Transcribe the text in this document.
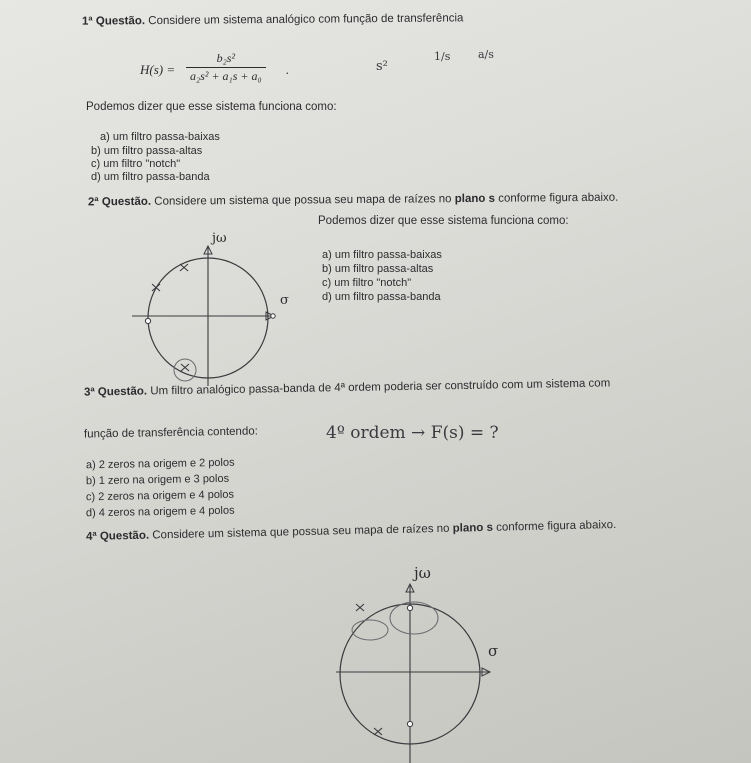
1ª Questão. Considere um sistema analógico com função de transferência
$H(s) = \frac{\text{b₂s²}}{\text{a₂s² + a₁s + a₀}}$ .	s²
1/s	a/s
Podemos dizer que esse sistema funciona como:
a) um filtro passa-baixas
b) um filtro passa-altas
c) um filtro "notch"
d) um filtro passa-banda
2ª Questão. Considere um sistema que possua seu mapa de raízes no plano s conforme figura abaixo.
Podemos dizer que esse sistema funciona como:
a) um filtro passa-baixas
b) um filtro passa-altas
c) um filtro "notch"
d) um filtro passa-banda
jω
σ
3ª Questão. Um filtro analógico passa-banda de 4ª ordem poderia ser construído com um sistema com
função de transferência contendo:	4º ordem → F(s) = ?
a) 2 zeros na origem e 2 polos
b) 1 zero na origem e 3 polos
c) 2 zeros na origem e 4 polos
d) 4 zeros na origem e 4 polos
4ª Questão. Considere um sistema que possua seu mapa de raízes no plano s conforme figura abaixo.
jω
σ
